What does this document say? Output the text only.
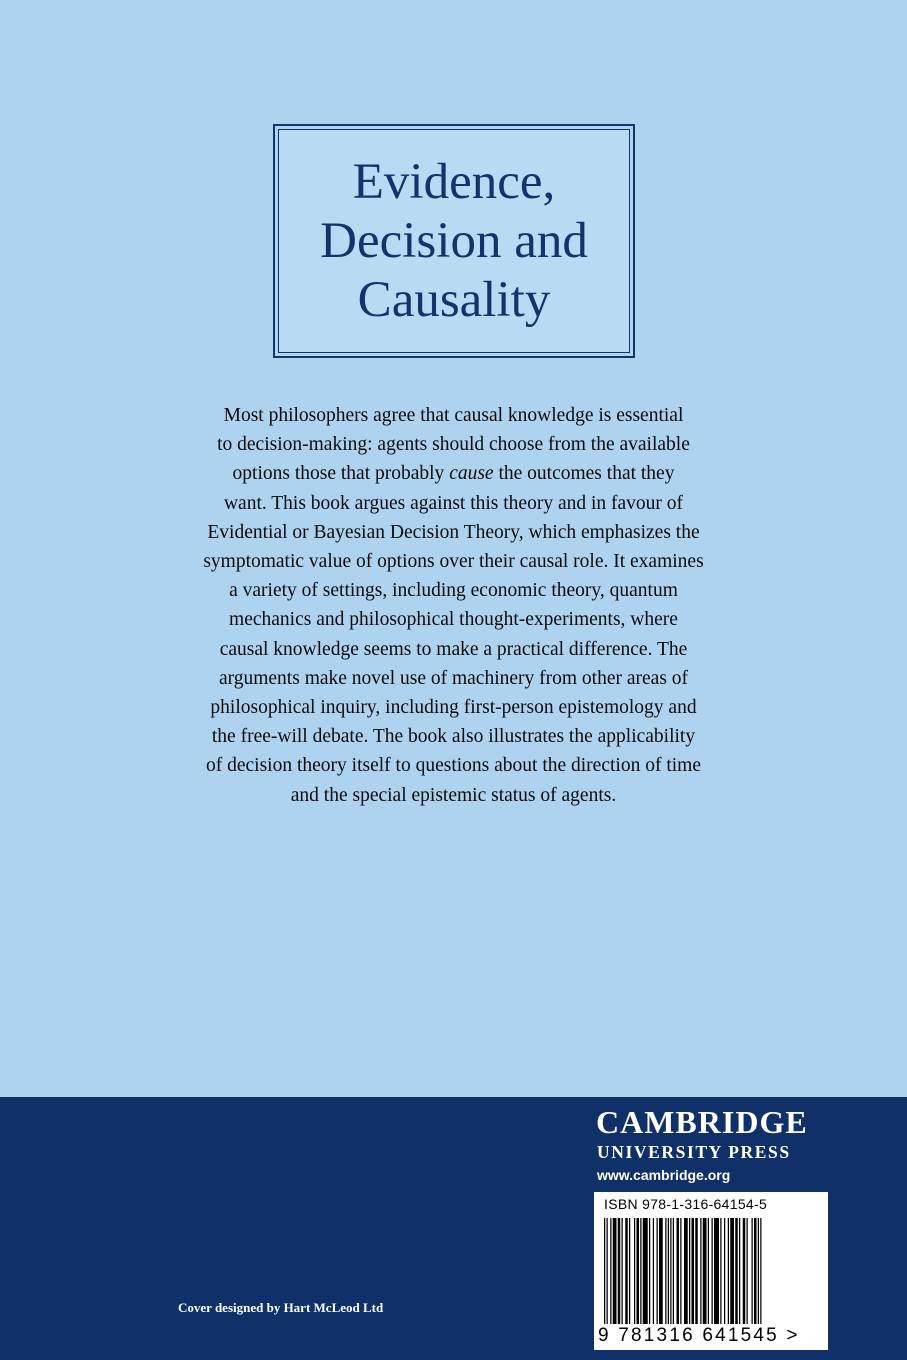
Evidence,
Decision and
Causality
Most philosophers agree that causal knowledge is essential
to decision-making: agents should choose from the available
options those that probably cause the outcomes that they
want. This book argues against this theory and in favour of
Evidential or Bayesian Decision Theory, which emphasizes the
symptomatic value of options over their causal role. It examines
a variety of settings, including economic theory, quantum
mechanics and philosophical thought-experiments, where
causal knowledge seems to make a practical difference. The
arguments make novel use of machinery from other areas of
philosophical inquiry, including first-person epistemology and
the free-will debate. The book also illustrates the applicability
of decision theory itself to questions about the direction of time
and the special epistemic status of agents.
CAMBRIDGE
UNIVERSITY PRESS
www.cambridge.org
ISBN 978-1-316-64154-5
9 781316 641545 >
Cover designed by Hart McLeod Ltd
